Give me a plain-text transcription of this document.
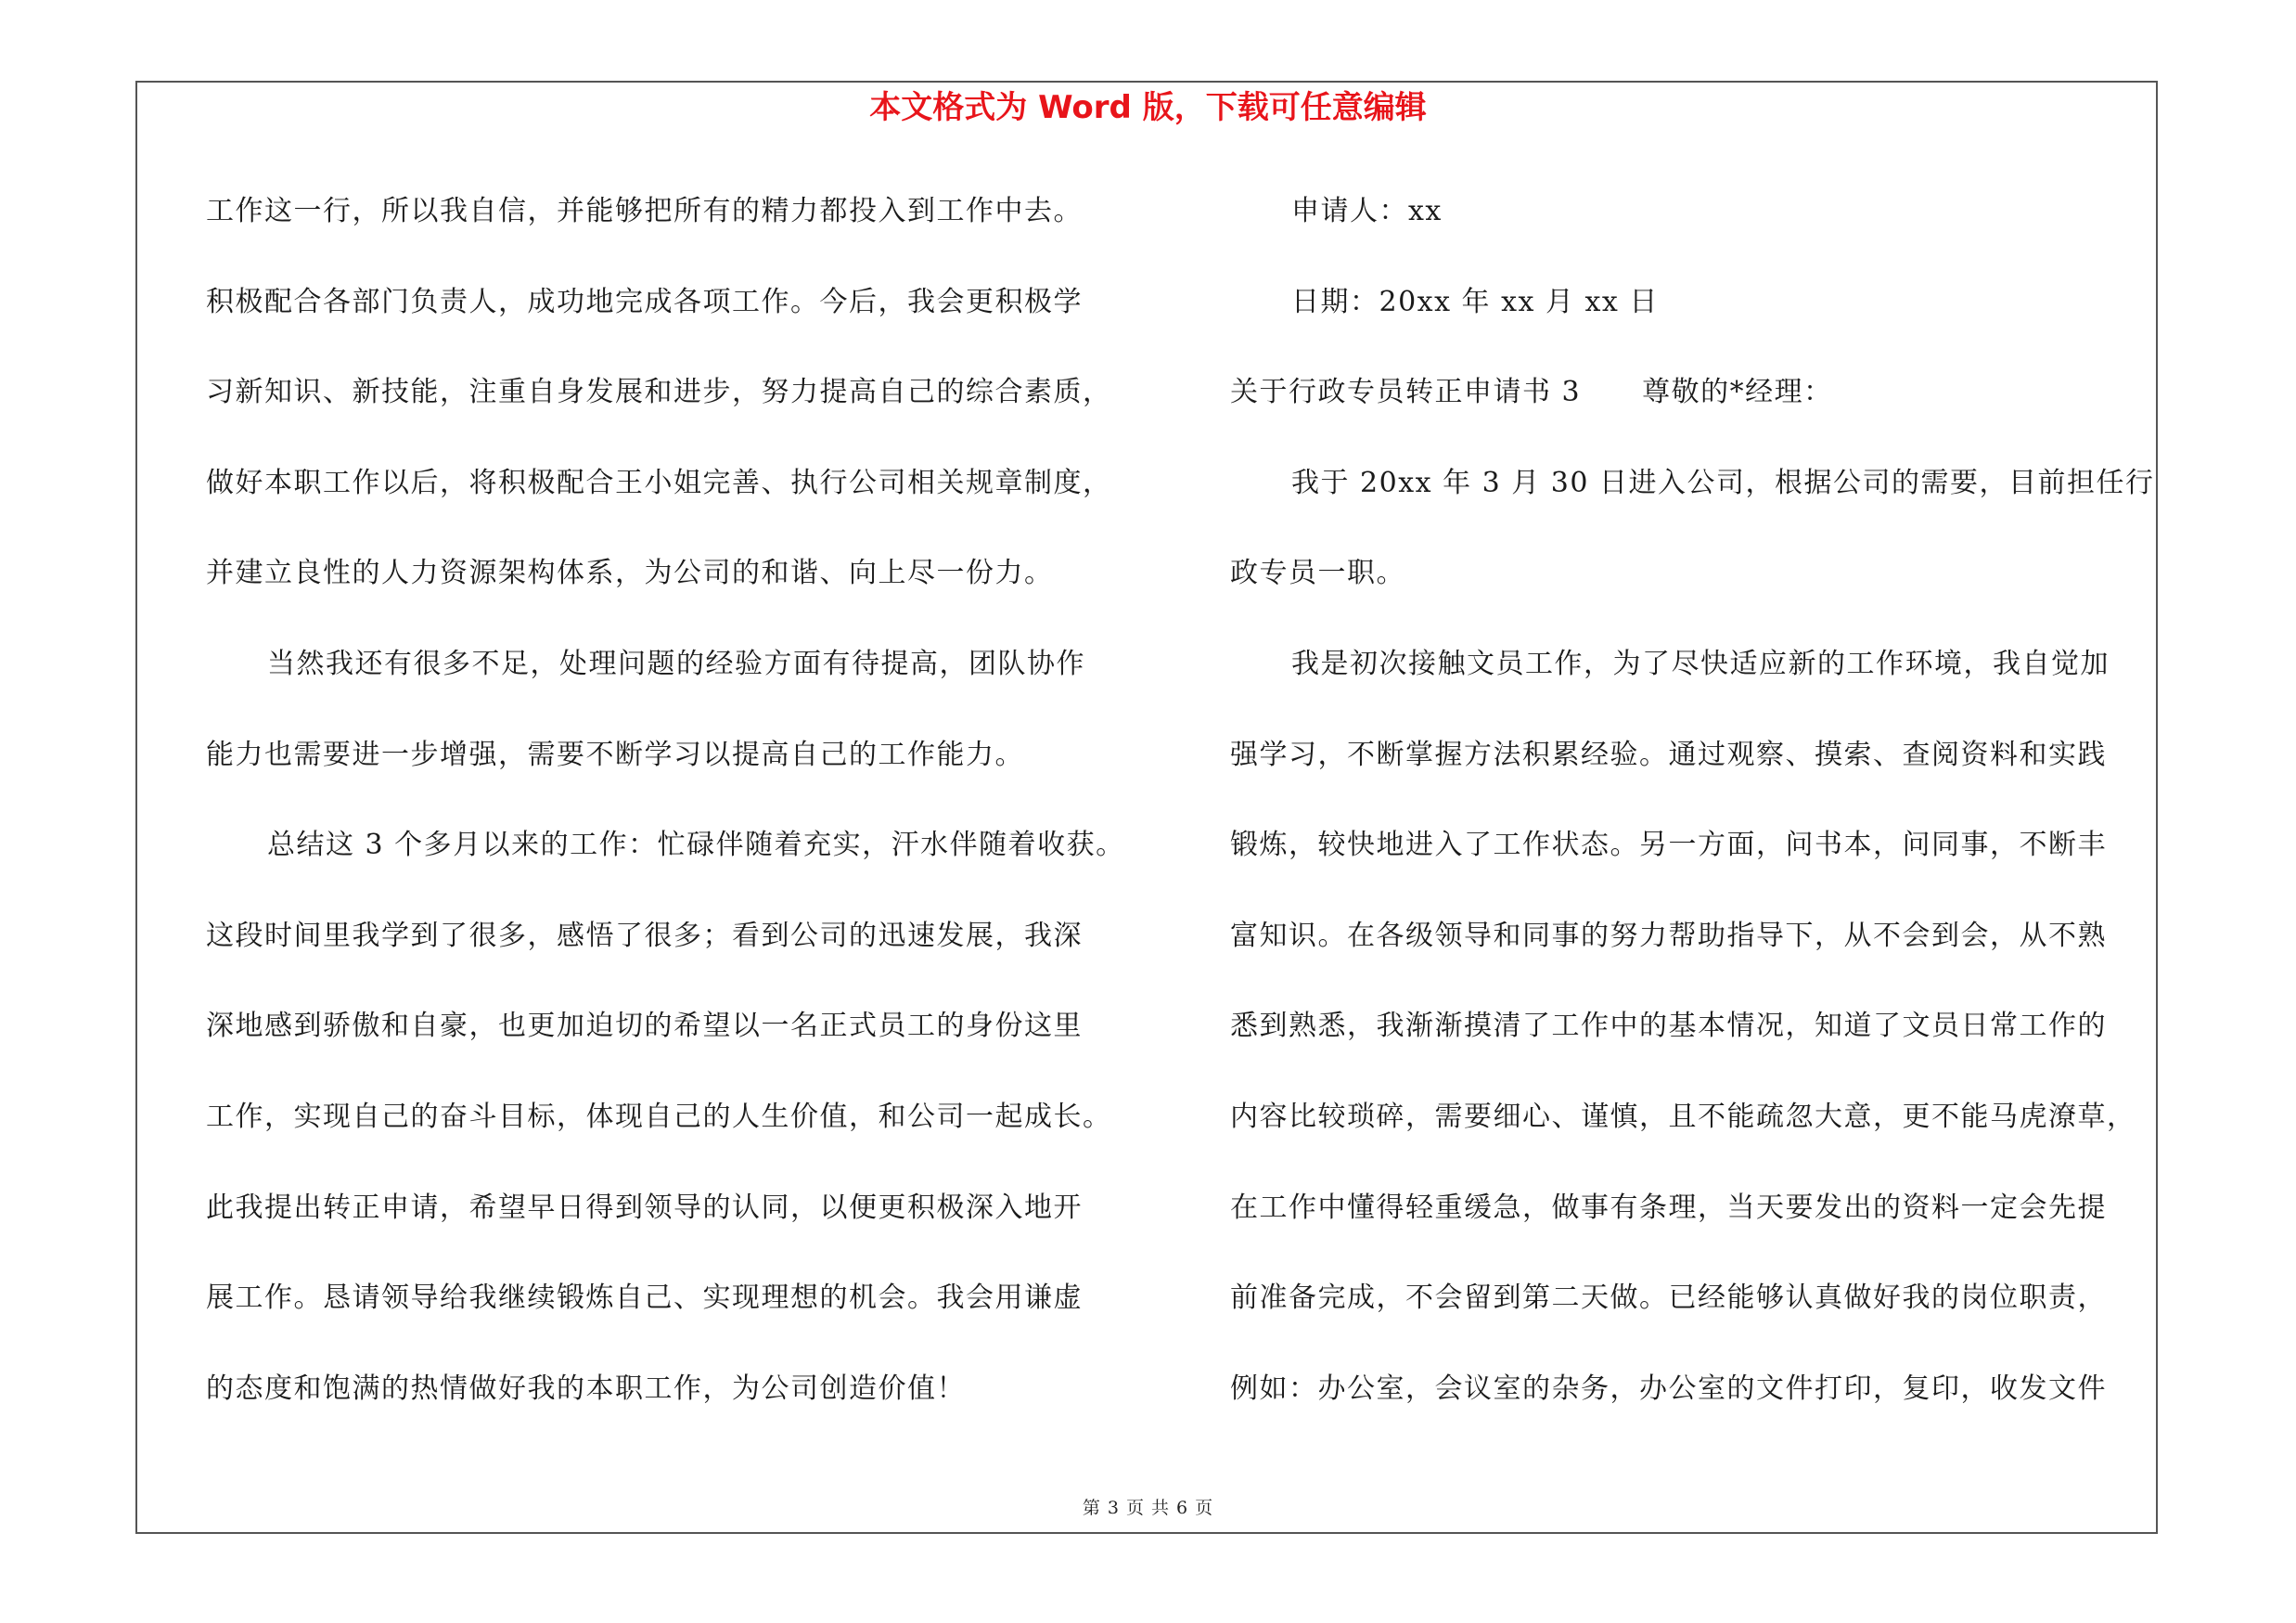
本文格式为 Word 版，下载可任意编辑
工作这一行，所以我自信，并能够把所有的精力都投入到工作中去。
积极配合各部门负责人，成功地完成各项工作。今后，我会更积极学
习新知识、新技能，注重自身发展和进步，努力提高自己的综合素质，
做好本职工作以后，将积极配合王小姐完善、执行公司相关规章制度，
并建立良性的人力资源架构体系，为公司的和谐、向上尽一份力。
当然我还有很多不足，处理问题的经验方面有待提高，团队协作
能力也需要进一步增强，需要不断学习以提高自己的工作能力。
总结这 3 个多月以来的工作：忙碌伴随着充实，汗水伴随着收获。
这段时间里我学到了很多，感悟了很多；看到公司的迅速发展，我深
深地感到骄傲和自豪，也更加迫切的希望以一名正式员工的身份这里
工作，实现自己的奋斗目标，体现自己的人生价值，和公司一起成长。
此我提出转正申请，希望早日得到领导的认同，以便更积极深入地开
展工作。恳请领导给我继续锻炼自己、实现理想的机会。我会用谦虚
的态度和饱满的热情做好我的本职工作，为公司创造价值！
申请人：xx
日期：20xx 年 xx 月 xx 日
关于行政专员转正申请书 3 尊敬的*经理：
我于 20xx 年 3 月 30 日进入公司，根据公司的需要，目前担任行
政专员一职。
我是初次接触文员工作，为了尽快适应新的工作环境，我自觉加
强学习，不断掌握方法积累经验。通过观察、摸索、查阅资料和实践
锻炼，较快地进入了工作状态。另一方面，问书本，问同事，不断丰
富知识。在各级领导和同事的努力帮助指导下，从不会到会，从不熟
悉到熟悉，我渐渐摸清了工作中的基本情况，知道了文员日常工作的
内容比较琐碎，需要细心、谨慎，且不能疏忽大意，更不能马虎潦草，
在工作中懂得轻重缓急，做事有条理，当天要发出的资料一定会先提
前准备完成，不会留到第二天做。已经能够认真做好我的岗位职责，
例如：办公室，会议室的杂务，办公室的文件打印，复印，收发文件
第 3 页 共 6 页
